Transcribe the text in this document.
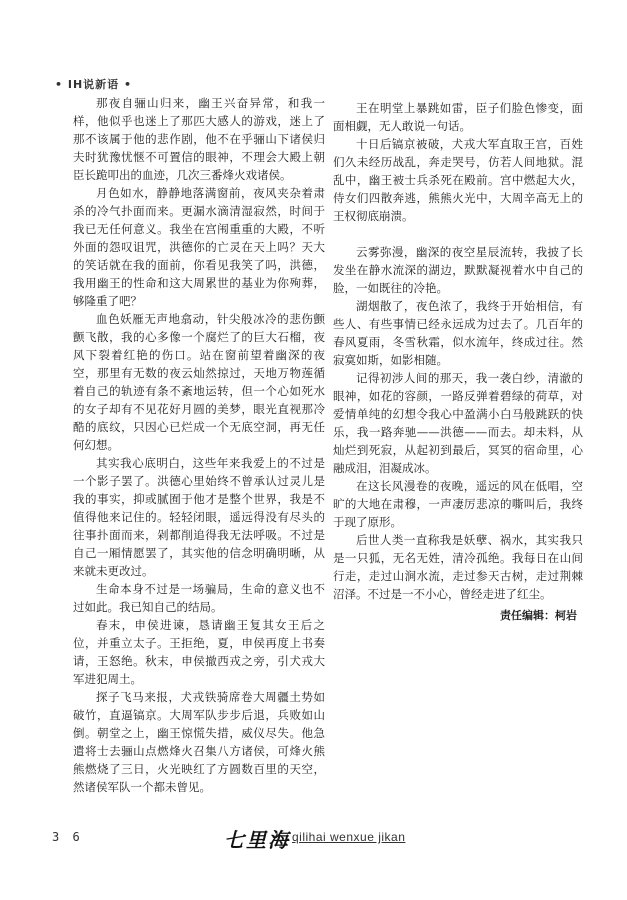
• IH说新语 •

那夜自骊山归来，幽王兴奋异常，和我一样，他似乎也迷上了那匹大感人的游戏，迷上了那不该属于他的悲作剧，他不在乎骊山下诸侯归夫时犹豫忧惬不可置信的眼神，不理会大殿上朝臣长跪叩出的血迹，几次三番烽火戏诸侯。

月色如水，静静地落满窗前，夜风夹杂着肃杀的冷气扑面而来。更漏水滴清湿寂然，时间于我已无任何意义。我坐在宫闱重重的大殿，不听外面的怨叹诅咒，洪德你的亡灵在天上吗？天大的笑话就在我的面前，你看见我笑了吗，洪德，我用幽王的性命和这大周累世的基业为你殉葬，够隆重了吧？

血色妖雁无声地翕动，针尖般冰冷的悲伤颤颤飞散，我的心多像一个腐烂了的巨大石榴，夜风下裂着红艳的伤口。站在窗前望着幽深的夜空，那里有无数的夜云灿然掠过，天地万物莲循着自己的轨迹有条不紊地运转，但一个心如死水的女子却有不见花好月圆的美梦，眼光直视那冷酷的底纹，只因心已烂成一个无底空洞，再无任何幻想。

其实我心底明白，这些年来我爱上的不过是一个影子罢了。洪德心里始终不曾承认过灵儿是我的事实，抑或腻囿于他才是整个世界，我是不值得他来记住的。轻轻闭眼，遥远得没有尽头的往事扑面而来，剁都削追得我无法呼吸。不过是自己一厢情愿罢了，其实他的信念明确明晰，从来就未更改过。

生命本身不过是一场骗局，生命的意义也不过如此。我已知自己的结局。

春末，申侯进谏，恳请幽王复其女王后之位，并重立太子。王拒绝，夏，申侯再度上书奏请，王怒绝。秋末，申侯撤西戎之旁，引犬戎大军进犯周土。

探子飞马来报，犬戎铁骑席卷大周疆土势如破竹，直逼镐京。大周军队步步后退，兵败如山倒。朝堂之上，幽王惊慌失措，威仪尽失。他急遣将士去骊山点燃烽火召集八方诸侯，可烽火熊熊燃烧了三日，火光映红了方圆数百里的天空，然诸侯军队一个都未曾见。

王在明堂上暴跳如雷，臣子们脸色惨变，面面相觑，无人敢说一句话。

十日后镐京被破，犬戎大军直取王宫，百姓们久未经历战乱，奔走哭号，仿若人间地狱。混乱中，幽王被士兵杀死在殿前。宫中燃起大火，侍女们四散奔逃，熊熊火光中，大周辛高无上的王权彻底崩溃。

云雾弥漫，幽深的夜空星辰流转，我披了长发坐在静水流深的湖边，默默凝视着水中自己的脸，一如既往的冷艳。

湖烟散了，夜色浓了，我终于开始相信，有些人、有些事情已经永远成为过去了。几百年的春风夏雨，冬雪秋霜，似水流年，终成过往。然寂寞如斯，如影相随。

记得初涉人间的那天，我一袭白纱，清澈的眼神，如花的容颜，一路反弹着碧绿的荷草，对爱情单纯的幻想令我心中盈满小白马般跳跃的快乐，我一路奔驰——洪德——而去。却未料，从灿烂到死寂，从起初到最后，冥冥的宿命里，心融成泪，泪凝成冰。

在这长风漫卷的夜晚，遥远的风在低唱，空旷的大地在肃穆，一声凄厉悲凉的嘶叫后，我终于现了原形。

后世人类一直称我是妖孽、祸水，其实我只是一只狐，无名无姓，清冷孤绝。我每日在山间行走，走过山涧水流，走过参天古树，走过荆棘沼泽。不过是一不小心，曾经走进了红尘。

责任编辑：柯岩

3 6	七里海 qilihai wenxue jikan
